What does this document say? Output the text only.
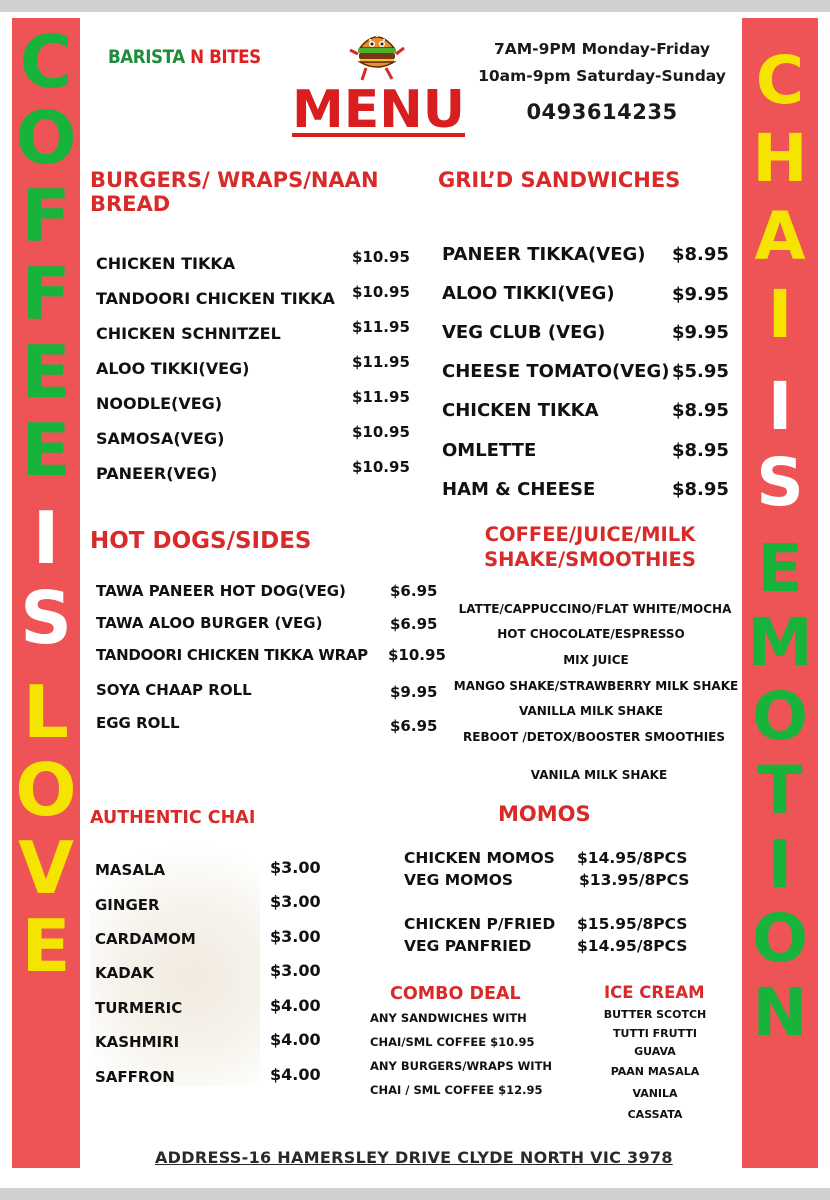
C
O
F
F
E
E
I
S
L
O
V
E
C
H
A
I
I
S
E
M
O
T
I
O
N
BARISTA N BITES
MENU
7AM-9PM Monday-Friday
10am-9pm Saturday-Sunday
0493614235
BURGERS/ WRAPS/NAAN
BREAD
CHICKEN TIKKA	$10.95
TANDOORI CHICKEN TIKKA $10.95
CHICKEN SCHNITZEL	$11.95
ALOO TIKKI(VEG)	$11.95
NOODLE(VEG)	$11.95
SAMOSA(VEG)	$10.95
PANEER(VEG)	$10.95
GRIL’D SANDWICHES
PANEER TIKKA(VEG) $8.95
ALOO TIKKI(VEG)	$9.95
VEG CLUB (VEG)	$9.95
CHEESE TOMATO(VEG) $5.95
CHICKEN TIKKA	$8.95
OMLETTE	$8.95
HAM & CHEESE	$8.95
HOT DOGS/SIDES
TAWA PANEER HOT DOG(VEG)	$6.95
TAWA ALOO BURGER (VEG)	$6.95
TANDOORI CHICKEN TIKKA WRAP $10.95
SOYA CHAAP ROLL	$9.95
EGG ROLL	$6.95
COFFEE/JUICE/MILK
SHAKE/SMOOTHIES
LATTE/CAPPUCCINO/FLAT WHITE/MOCHA
HOT CHOCOLATE/ESPRESSO
MIX JUICE
MANGO SHAKE/STRAWBERRY MILK SHAKE
VANILLA MILK SHAKE
REBOOT /DETOX/BOOSTER SMOOTHIES
VANILA MILK SHAKE
AUTHENTIC CHAI
MASALA	$3.00
GINGER	$3.00
CARDAMOM	$3.00
KADAK	$3.00
TURMERIC	$4.00
KASHMIRI	$4.00
SAFFRON	$4.00
MOMOS
CHICKEN MOMOS $14.95/8PCS
VEG MOMOS	$13.95/8PCS
CHICKEN P/FRIED $15.95/8PCS
VEG PANFRIED	$14.95/8PCS
COMBO DEAL
ANY SANDWICHES WITH
CHAI/SML COFFEE $10.95
ANY BURGERS/WRAPS WITH
CHAI / SML COFFEE $12.95
ICE CREAM
BUTTER SCOTCH
TUTTI FRUTTI
GUAVA
PAAN MASALA
VANILA
CASSATA
ADDRESS-16 HAMERSLEY DRIVE CLYDE NORTH VIC 3978
